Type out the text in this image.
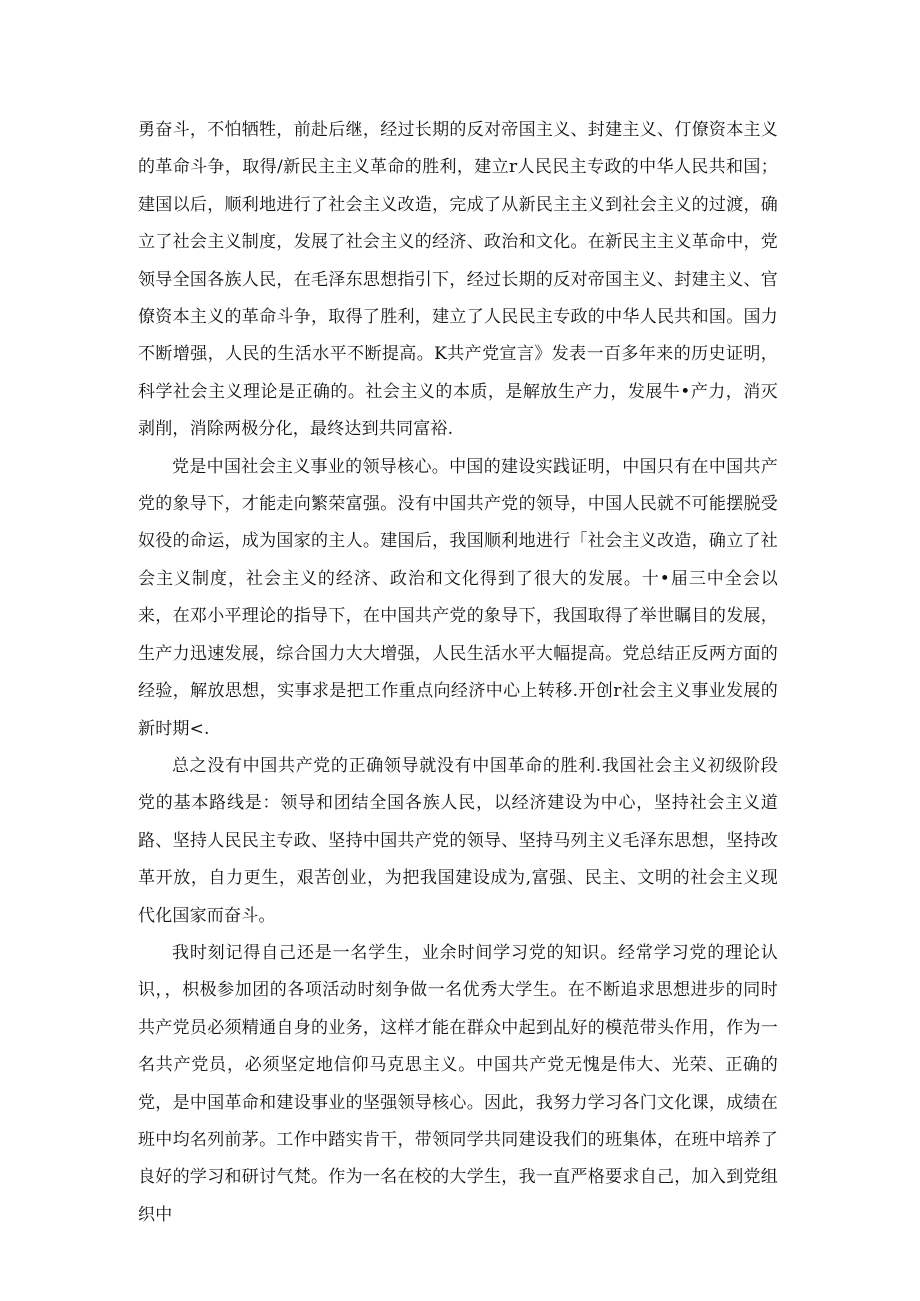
勇奋斗，不怕牺牲，前赴后继，经过长期的反对帝国主义、封建主义、仃僚资本主义的革命斗争，取得/新民主主义革命的胜利，建立r人民民主专政的中华人民共和国；建国以后，顺利地进行了社会主义改造，完成了从新民主主义到社会主义的过渡，确立了社会主义制度，发展了社会主义的经济、政治和文化。在新民主主义革命中，党领导全国各族人民，在毛泽东思想指引下，经过长期的反对帝国主义、封建主义、官僚资本主义的革命斗争，取得了胜利，建立了人民民主专政的中华人民共和国。国力不断增强，人民的生活水平不断提高。K共产党宣言》发表一百多年来的历史证明，科学社会主义理论是正确的。社会主义的本质，是解放生产力，发展牛•产力，消灭剥削，消除两极分化，最终达到共同富裕.

党是中国社会主义事业的领导核心。中国的建设实践证明，中国只有在中国共产党的象导下，才能走向繁荣富强。没有中国共产党的领导，中国人民就不可能摆脱受奴役的命运，成为国家的主人。建国后，我国顺利地进行「社会主义改造，确立了社会主义制度，社会主义的经济、政治和文化得到了很大的发展。十•届三中全会以来，在邓小平理论的指导下，在中国共产党的象导下，我国取得了举世瞩目的发展，生产力迅速发展，综合国力大大增强，人民生活水平大幅提高。党总结正反两方面的经验，解放思想，实事求是把工作重点向经济中心上转移.开创r社会主义事业发展的新时期<.

总之没有中国共产党的正确领导就没有中国革命的胜利.我国社会主义初级阶段党的基本路线是：领导和团结全国各族人民，以经济建设为中心，坚持社会主义道路、坚持人民民主专政、坚持中国共产党的领导、坚持马列主义毛泽东思想，坚持改革开放，自力更生，艰苦创业，为把我国建设成为,富强、民主、文明的社会主义现代化国家而奋斗。

我时刻记得自己还是一名学生，业余时间学习党的知识。经常学习党的理论认识，，枳极参加团的各项活动时刻争做一名优秀大学生。在不断追求思想进步的同时共产党员必须精通自身的业务，这样才能在群众中起到乩好的模范带头作用，作为一名共产党员，必须坚定地信仰马克思主义。中国共产党无愧是伟大、光荣、正确的党，是中国革命和建设事业的坚强领导核心。因此，我努力学习各门文化课，成绩在班中均名列前茅。工作中踏实肯干，带领同学共同建设我们的班集体，在班中培养了良好的学习和研讨气梵。作为一名在校的大学生，我一直严格要求自己，加入到党组织中
